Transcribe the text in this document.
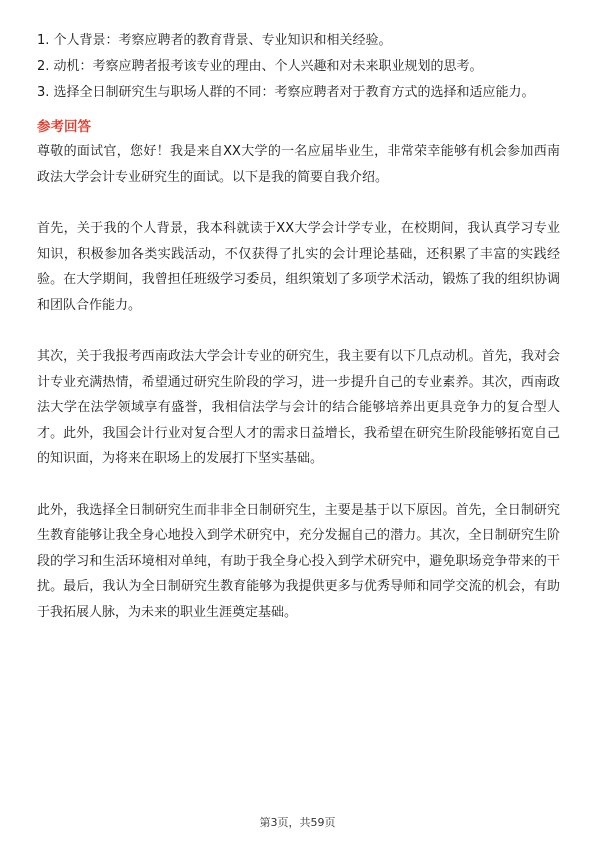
1. 个人背景：考察应聘者的教育背景、专业知识和相关经验。
2. 动机：考察应聘者报考该专业的理由、个人兴趣和对未来职业规划的思考。
3. 选择全日制研究生与职场人群的不同：考察应聘者对于教育方式的选择和适应能力。
参考回答

尊敬的面试官，您好！我是来自XX大学的一名应届毕业生，非常荣幸能够有机会参加西南政法大学会计专业研究生的面试。以下是我的简要自我介绍。

首先，关于我的个人背景，我本科就读于XX大学会计学专业，在校期间，我认真学习专业知识，积极参加各类实践活动，不仅获得了扎实的会计理论基础，还积累了丰富的实践经验。在大学期间，我曾担任班级学习委员，组织策划了多项学术活动，锻炼了我的组织协调和团队合作能力。

其次，关于我报考西南政法大学会计专业的研究生，我主要有以下几点动机。首先，我对会计专业充满热情，希望通过研究生阶段的学习，进一步提升自己的专业素养。其次，西南政法大学在法学领域享有盛誉，我相信法学与会计的结合能够培养出更具竞争力的复合型人才。此外，我国会计行业对复合型人才的需求日益增长，我希望在研究生阶段能够拓宽自己的知识面，为将来在职场上的发展打下坚实基础。

此外，我选择全日制研究生而非非全日制研究生，主要是基于以下原因。首先，全日制研究生教育能够让我全身心地投入到学术研究中，充分发掘自己的潜力。其次，全日制研究生阶段的学习和生活环境相对单纯，有助于我全身心投入到学术研究中，避免职场竞争带来的干扰。最后，我认为全日制研究生教育能够为我提供更多与优秀导师和同学交流的机会，有助于我拓展人脉，为未来的职业生涯奠定基础。

第3页，共59页
